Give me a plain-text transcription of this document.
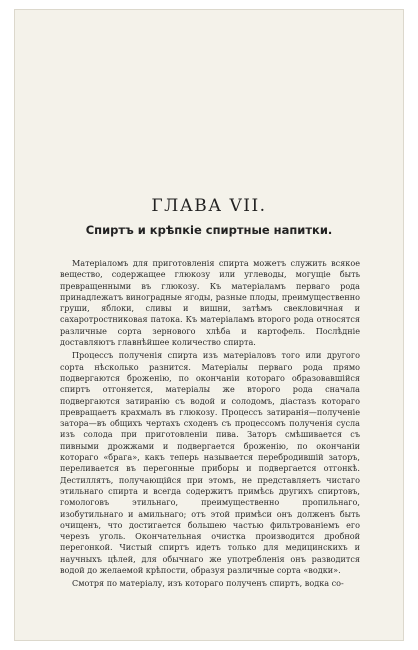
ГЛАВА VII.
Спиртъ и крѣпкіе спиртные напитки.

Матеріаломъ для приготовленія спирта можетъ служить всякое вещество, содержащее глюкозу или углеводы, могущіе быть превращенными въ глюкозу. Къ матеріаламъ перваго рода принадлежатъ виноградные ягоды, разные плоды, преимущественно груши, яблоки, сливы и вишни, затѣмъ свекловичная и сахаротростниковая патока. Къ матеріаламъ второго рода относятся различные сорта зернового хлѣба и картофель. Послѣдніе доставляютъ главнѣйшее количество спирта.

Процессъ полученія спирта изъ матеріаловъ того или другого сорта нѣсколько разнится. Матеріалы перваго рода прямо подвергаются броженію, по окончаніи котораго образовавшійся спиртъ отгоняется, матеріалы же второго рода сначала подвергаются затиранію съ водой и солодомъ, діастазъ котораго превращаетъ крахмалъ въ глюкозу. Процессъ затиранія—полученіе затора—въ общихъ чертахъ сходенъ съ процессомъ полученія сусла изъ солода при приготовленіи пива. Заторъ смѣшивается съ пивными дрожжами и подвергается броженію, по окончаніи котораго «брага», какъ теперь называется перебродившій заторъ, переливается въ перегонные приборы и подвергается отгонкѣ. Дестиллятъ, получающійся при этомъ, не представляетъ чистаго этильнаго спирта и всегда содержитъ примѣсь другихъ спиртовъ, гомологовъ этильнаго, преимущественно пропильнаго, изобутильнаго и амильнаго; отъ этой примѣси онъ долженъ быть очищенъ, что достигается большею частью фильтрованіемъ его черезъ уголь. Окончательная очистка производится дробной перегонкой. Чистый спиртъ идетъ только для медицинскихъ и научныхъ цѣлей, для обычнаго же употребленія онъ разводится водой до желаемой крѣпости, образуя различные сорта «водки».

Смотря по матеріалу, изъ котораго полученъ спиртъ, водка со-
